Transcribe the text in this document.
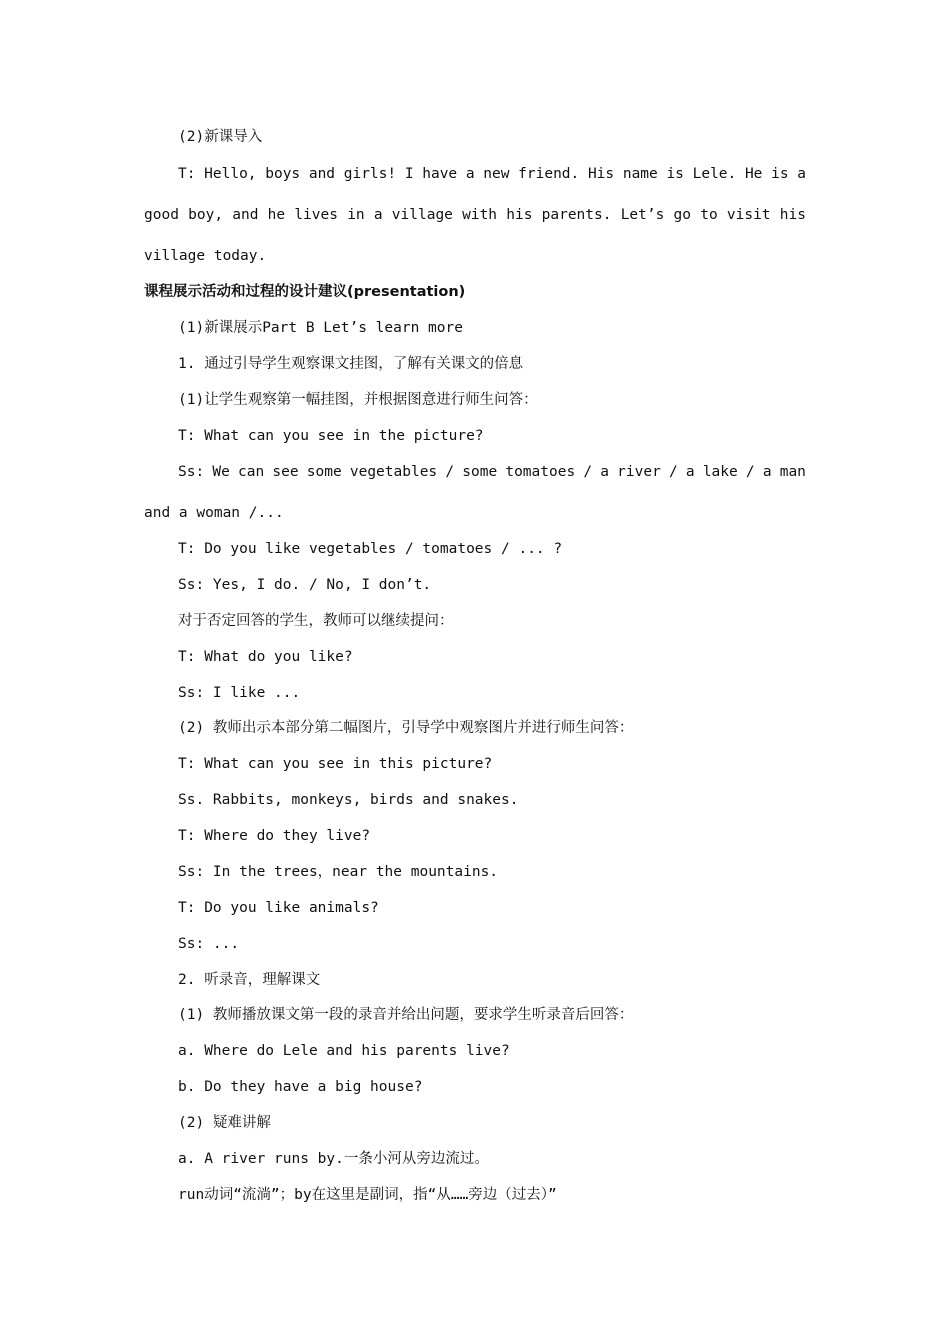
(2)新课导入
T: Hello, boys and girls! I have a new friend. His name is Lele. He is a
good boy, and he lives in a village with his parents. Let’s go to visit his
village today.
课程展示活动和过程的设计建议(presentation)
(1)新课展示Part B Let’s learn more
1. 通过引导学生观察课文挂图，了解有关课文的倍息
(1)让学生观察第一幅挂图，并根据图意进行师生问答：
T: What can you see in the picture?
Ss: We can see some vegetables / some tomatoes / a river / a lake / a man
and a woman /...
T: Do you like vegetables / tomatoes / ... ?
Ss: Yes, I do. / No, I don’t.
对于否定回答的学生，教师可以继续提问：
T: What do you like?
Ss: I like ...
(2) 教师出示本部分第二幅图片，引导学中观察图片并进行师生问答：
T: What can you see in this picture?
Ss. Rabbits, monkeys, birds and snakes.
T: Where do they live?
Ss: In the trees，near the mountains.
T: Do you like animals?
Ss: ...
2. 听录音，理解课文
(1) 教师播放课文第一段的录音并给出问题，要求学生听录音后回答：
a. Where do Lele and his parents live?
b. Do they have a big house?
(2) 疑难讲解
a. A river runs by.一条小河从旁边流过。
run动词“流淌”；by在这里是副词，指“从……旁边（过去）”
